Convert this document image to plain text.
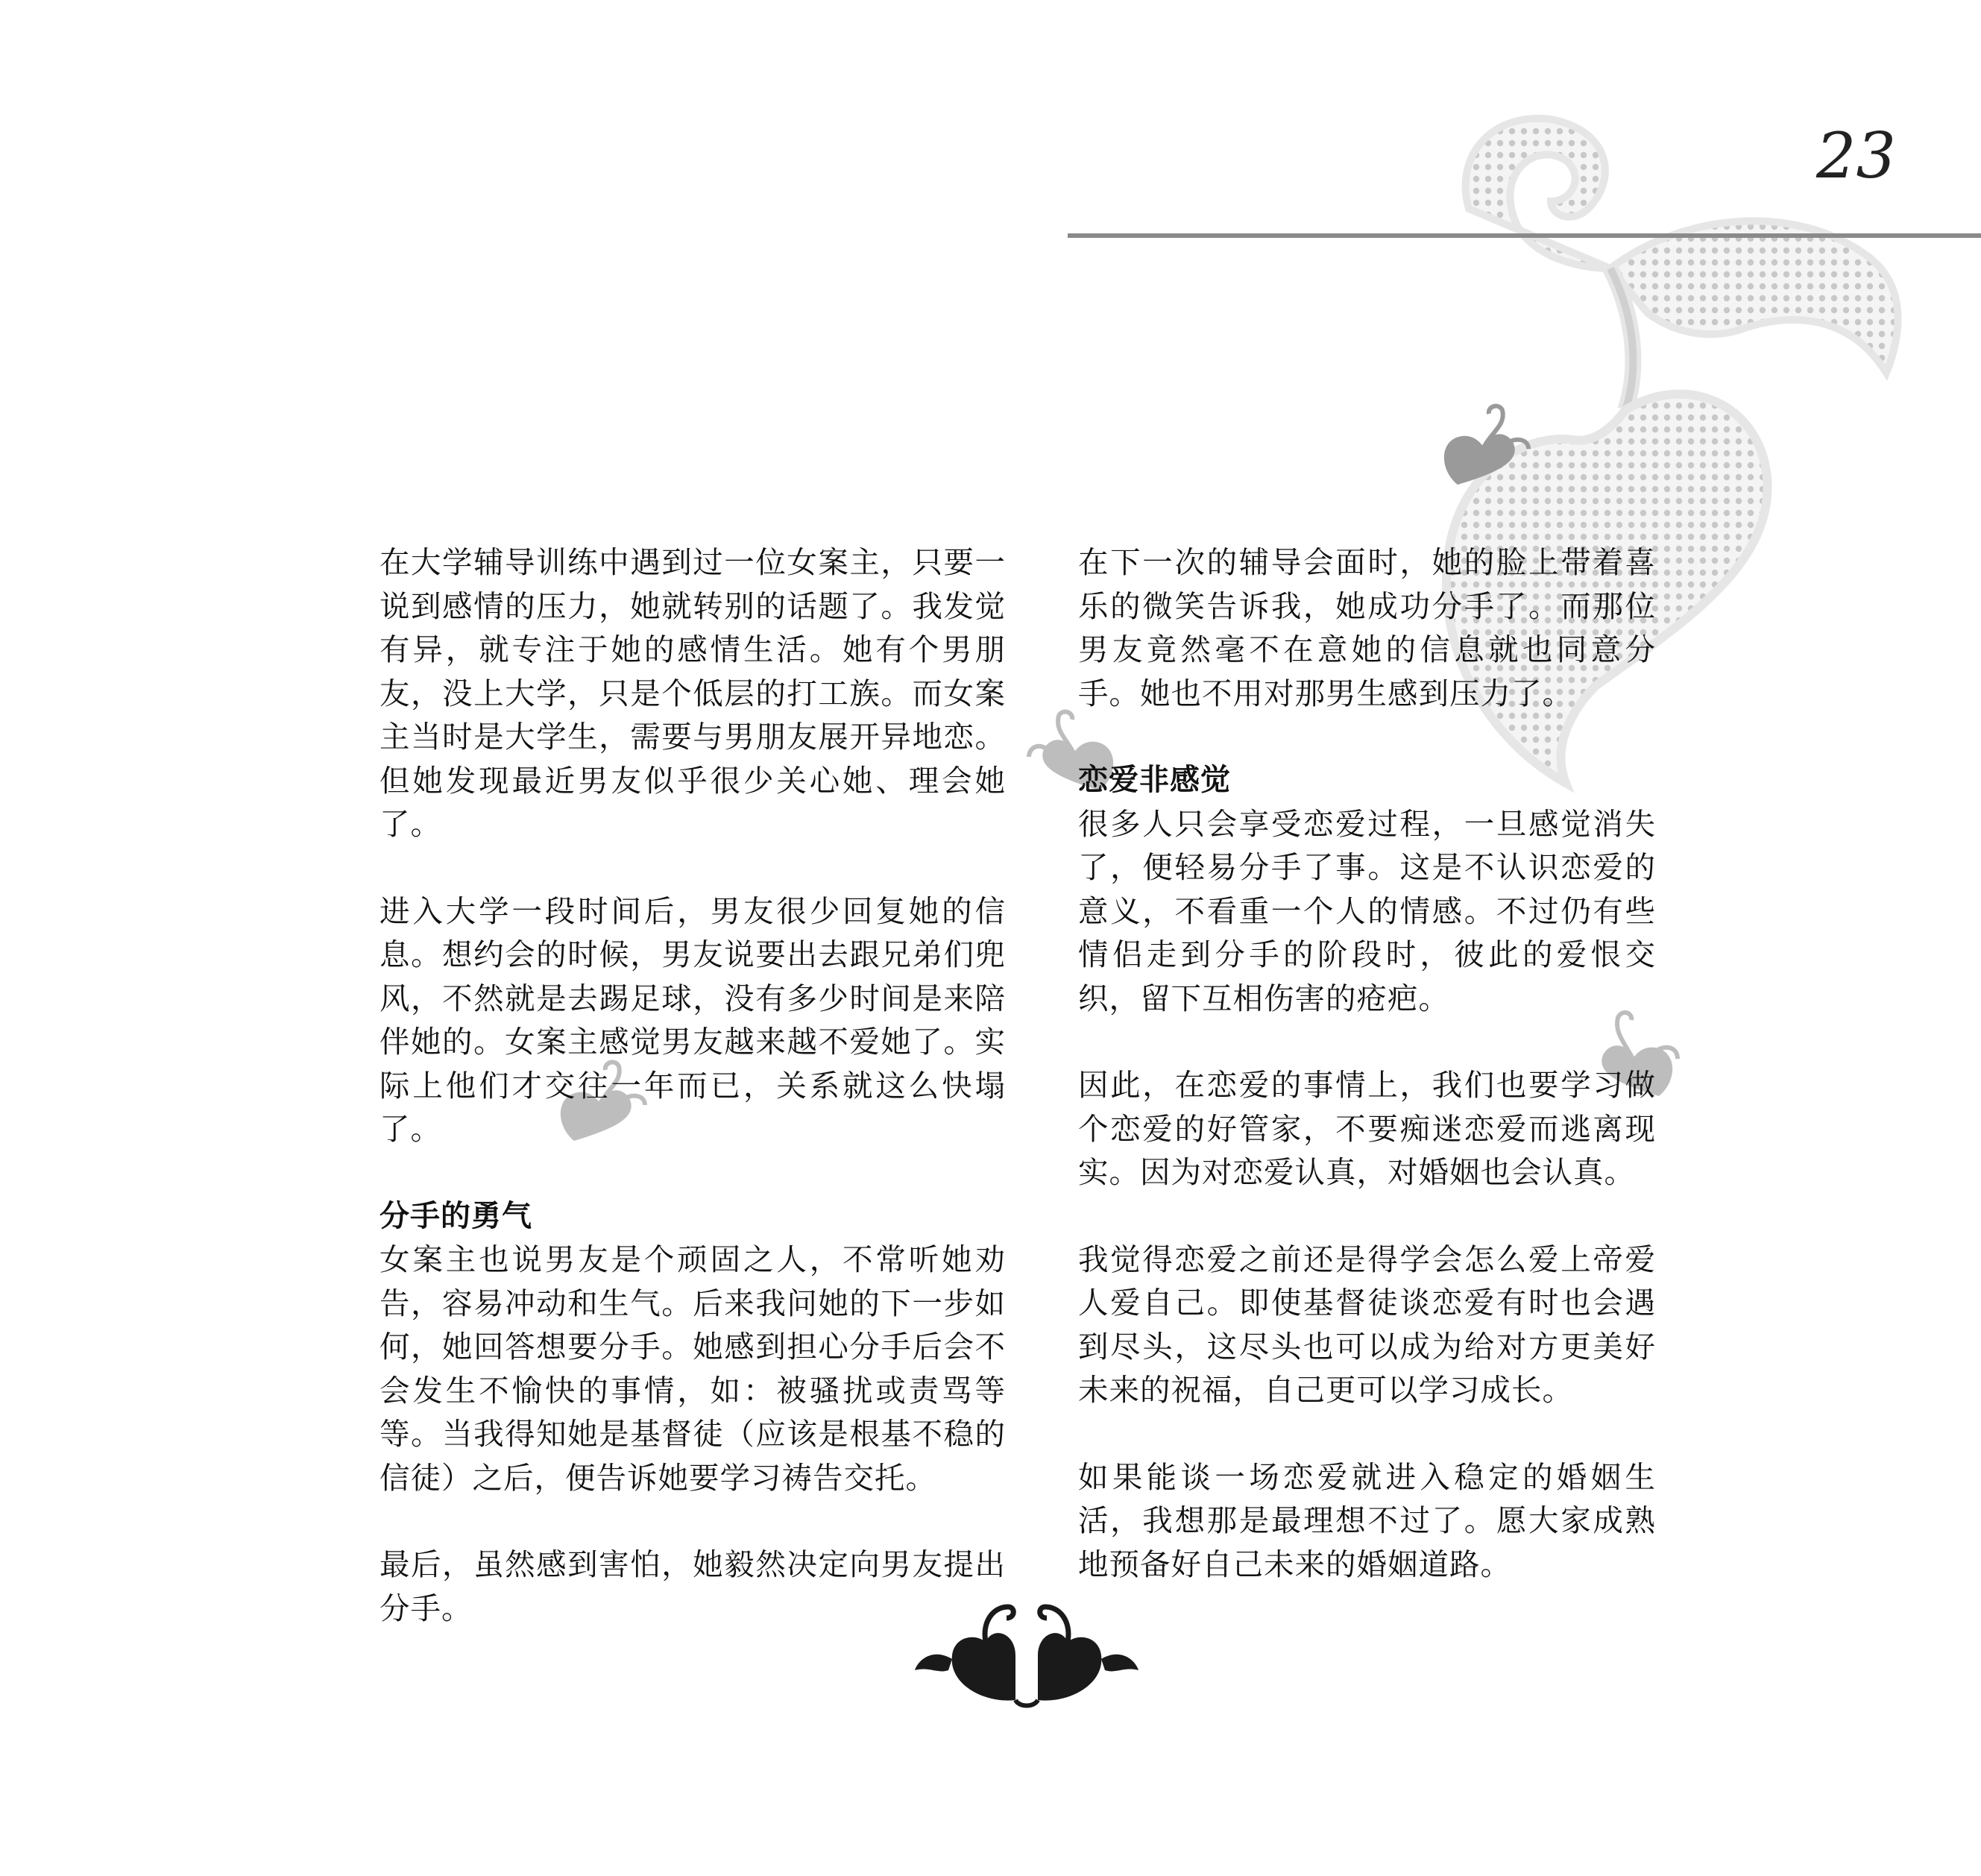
23

在大学辅导训练中遇到过一位女案主，只要一说到感情的压力，她就转别的话题了。我发觉有异，就专注于她的感情生活。她有个男朋友，没上大学，只是个低层的打工族。而女案主当时是大学生，需要与男朋友展开异地恋。但她发现最近男友似乎很少关心她、理会她了。

进入大学一段时间后，男友很少回复她的信息。想约会的时候，男友说要出去跟兄弟们兜风，不然就是去踢足球，没有多少时间是来陪伴她的。女案主感觉男友越来越不爱她了。实际上他们才交往一年而已，关系就这么快塌了。

分手的勇气

女案主也说男友是个顽固之人，不常听她劝告，容易冲动和生气。后来我问她的下一步如何，她回答想要分手。她感到担心分手后会不会发生不愉快的事情，如：被骚扰或责骂等等。当我得知她是基督徒（应该是根基不稳的信徒）之后，便告诉她要学习祷告交托。

最后，虽然感到害怕，她毅然决定向男友提出分手。

在下一次的辅导会面时，她的脸上带着喜乐的微笑告诉我，她成功分手了。而那位男友竟然毫不在意她的信息就也同意分手。她也不用对那男生感到压力了。

恋爱非感觉

很多人只会享受恋爱过程，一旦感觉消失了，便轻易分手了事。这是不认识恋爱的意义，不看重一个人的情感。不过仍有些情侣走到分手的阶段时，彼此的爱恨交织，留下互相伤害的疮疤。

因此，在恋爱的事情上，我们也要学习做个恋爱的好管家，不要痴迷恋爱而逃离现实。因为对恋爱认真，对婚姻也会认真。

我觉得恋爱之前还是得学会怎么爱上帝爱人爱自己。即使基督徒谈恋爱有时也会遇到尽头，这尽头也可以成为给对方更美好未来的祝福，自己更可以学习成长。

如果能谈一场恋爱就进入稳定的婚姻生活，我想那是最理想不过了。愿大家成熟地预备好自己未来的婚姻道路。
